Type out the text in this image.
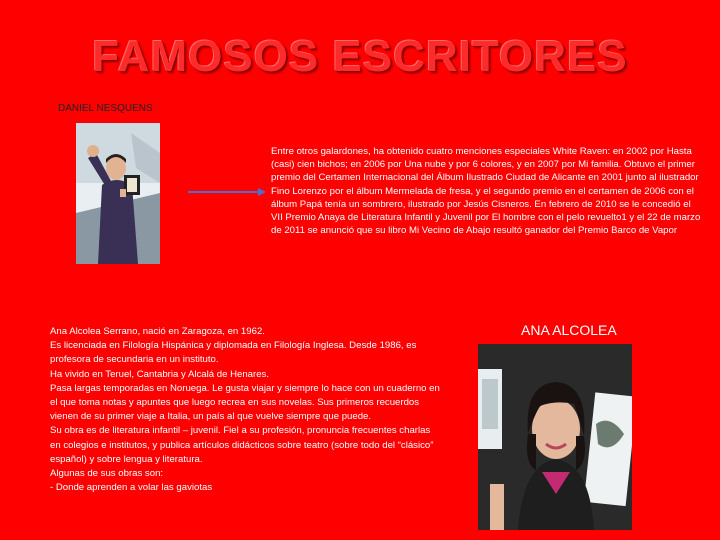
FAMOSOS ESCRITORES
DANIEL NESQUENS
Entre otros galardones, ha obtenido cuatro menciones especiales White Raven: en 2002 por Hasta (casi) cien bichos; en 2006 por Una nube y por 6 colores, y en 2007 por Mi familia. Obtuvo el primer premio del Certamen Internacional del Álbum Ilustrado Ciudad de Alicante en 2001 junto al ilustrador Fino Lorenzo por el álbum Mermelada de fresa, y el segundo premio en el certamen de 2006 con el álbum Papá tenía un sombrero, ilustrado por Jesús Cisneros. En febrero de 2010 se le concedió el VII Premio Anaya de Literatura Infantil y Juvenil por El hombre con el pelo revuelto1 y el 22 de marzo de 2011 se anunció que su libro Mi Vecino de Abajo resultó ganador del Premio Barco de Vapor
Ana Alcolea Serrano, nació en Zaragoza, en 1962.
Es licenciada en Filología Hispánica y diplomada en Filología Inglesa. Desde 1986, es profesora de secundaria en un instituto.
Ha vivido en Teruel, Cantabria y Alcalá de Henares.
Pasa largas temporadas en Noruega. Le gusta viajar y siempre lo hace con un cuaderno en el que toma notas y apuntes que luego recrea en sus novelas. Sus primeros recuerdos vienen de su primer viaje a Italia, un país al que vuelve siempre que puede.
Su obra es de literatura infantil – juvenil. Fiel a su profesión, pronuncia frecuentes charlas en colegios e institutos, y publica artículos didácticos sobre teatro (sobre todo del “clásico” español) y sobre lengua y literatura.
Algunas de sus obras son:
- Donde aprenden a volar las gaviotas
ANA ALCOLEA
